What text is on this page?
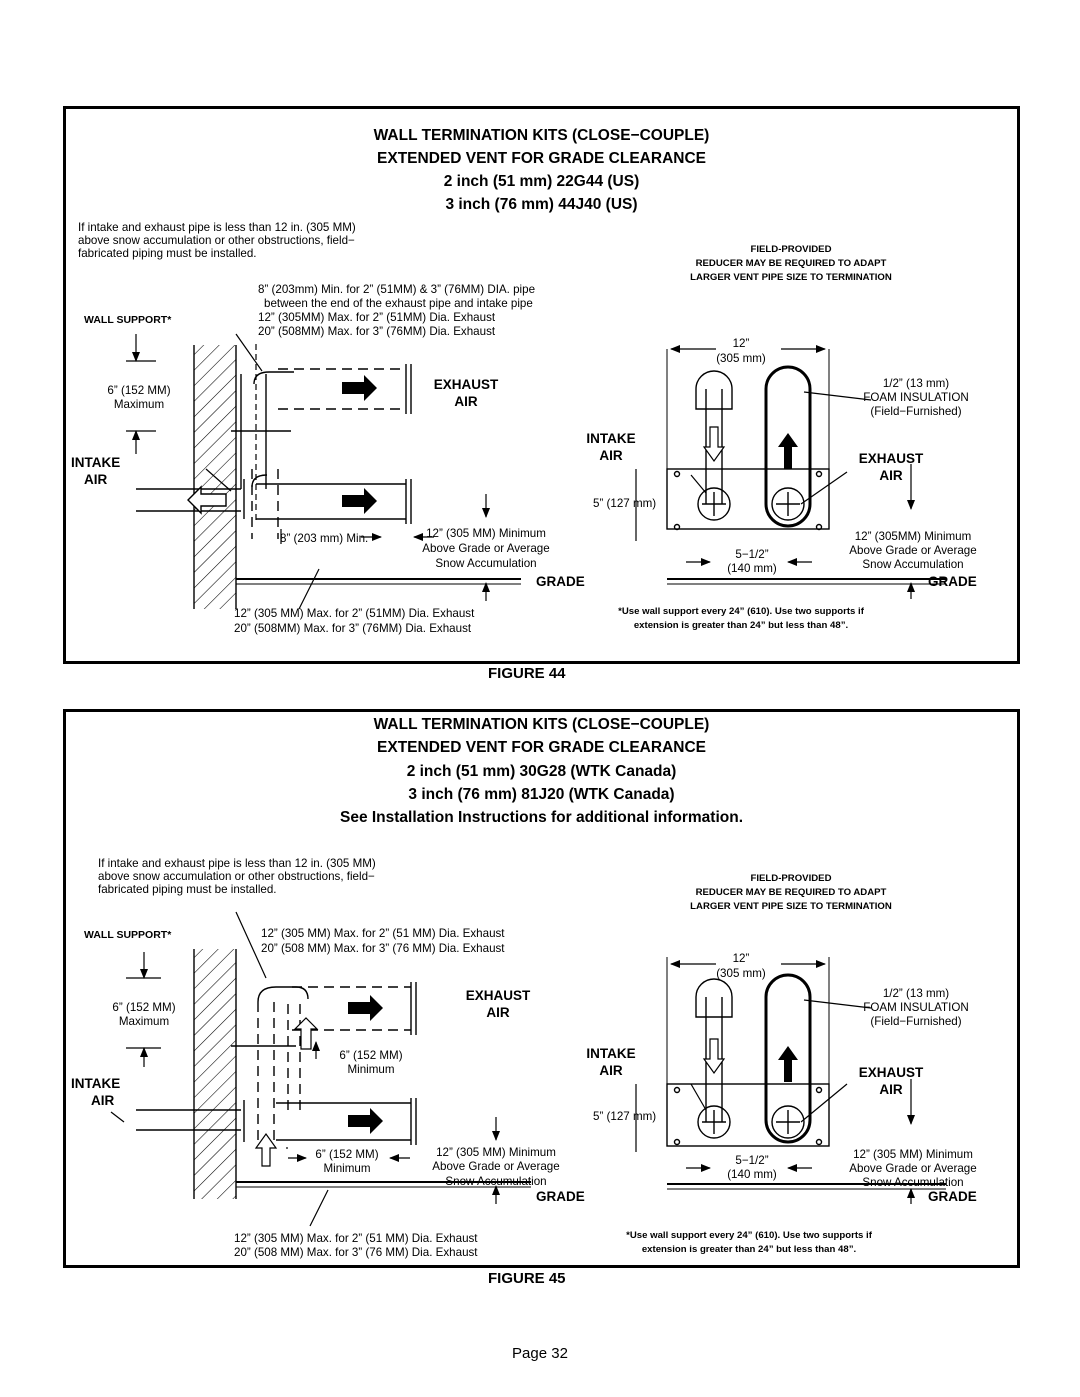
WALL TERMINATION KITS (CLOSE−COUPLE)
EXTENDED VENT FOR GRADE CLEARANCE
2 inch (51 mm) 22G44 (US)
3 inch (76 mm) 44J40 (US)
If intake and exhaust pipe is less than 12 in. (305 MM)
above snow accumulation or other obstructions, field−
fabricated piping must be installed.
WALL SUPPORT*
8” (203mm) Min. for 2” (51MM) & 3” (76MM) DIA. pipe
between the end of the exhaust pipe and intake pipe
12” (305MM) Max. for 2” (51MM) Dia. Exhaust
20” (508MM) Max. for 3” (76MM) Dia. Exhaust
6” (152 MM)
Maximum
EXHAUST
AIR
INTAKE
AIR
8” (203 mm) Min.	12” (305 MM) Minimum
Above Grade or Average
Snow Accumulation
GRADE
12” (305 MM) Max. for 2” (51MM) Dia. Exhaust
20” (508MM) Max. for 3” (76MM) Dia. Exhaust
FIELD-PROVIDED
REDUCER MAY BE REQUIRED TO ADAPT
LARGER VENT PIPE SIZE TO TERMINATION
12”
(305 mm)
1/2” (13 mm)
FOAM INSULATION
(Field−Furnished)
INTAKE
AIR	EXHAUST
AIR
5” (127 mm)
5−1/2”
(140 mm)
12” (305MM) Minimum
Above Grade or Average
Snow Accumulation
GRADE
*Use wall support every 24” (610). Use two supports if
extension is greater than 24” but less than 48”.
FIGURE 44
WALL TERMINATION KITS (CLOSE−COUPLE)
EXTENDED VENT FOR GRADE CLEARANCE
2 inch (51 mm) 30G28 (WTK Canada)
3 inch (76 mm) 81J20 (WTK Canada)
See Installation Instructions for additional information.
If intake and exhaust pipe is less than 12 in. (305 MM)
above snow accumulation or other obstructions, field−
fabricated piping must be installed.
WALL SUPPORT*	12” (305 MM) Max. for 2” (51 MM) Dia. Exhaust
20” (508 MM) Max. for 3” (76 MM) Dia. Exhaust
6” (152 MM)
Maximum
6” (152 MM)
Minimum
EXHAUST
AIR
INTAKE
AIR
6” (152 MM)
Minimum
12” (305 MM) Minimum
Above Grade or Average
Snow Accumulation
GRADE
12” (305 MM) Max. for 2” (51 MM) Dia. Exhaust
20” (508 MM) Max. for 3” (76 MM) Dia. Exhaust
FIELD-PROVIDED
REDUCER MAY BE REQUIRED TO ADAPT
LARGER VENT PIPE SIZE TO TERMINATION
12”
(305 mm)
1/2” (13 mm)
FOAM INSULATION
(Field−Furnished)
INTAKE
AIR	EXHAUST
AIR
5” (127 mm)
5−1/2”
(140 mm)
12” (305 MM) Minimum
Above Grade or Average
Snow Accumulation
GRADE
*Use wall support every 24” (610). Use two supports if
extension is greater than 24” but less than 48”.
FIGURE 45
Page 32
